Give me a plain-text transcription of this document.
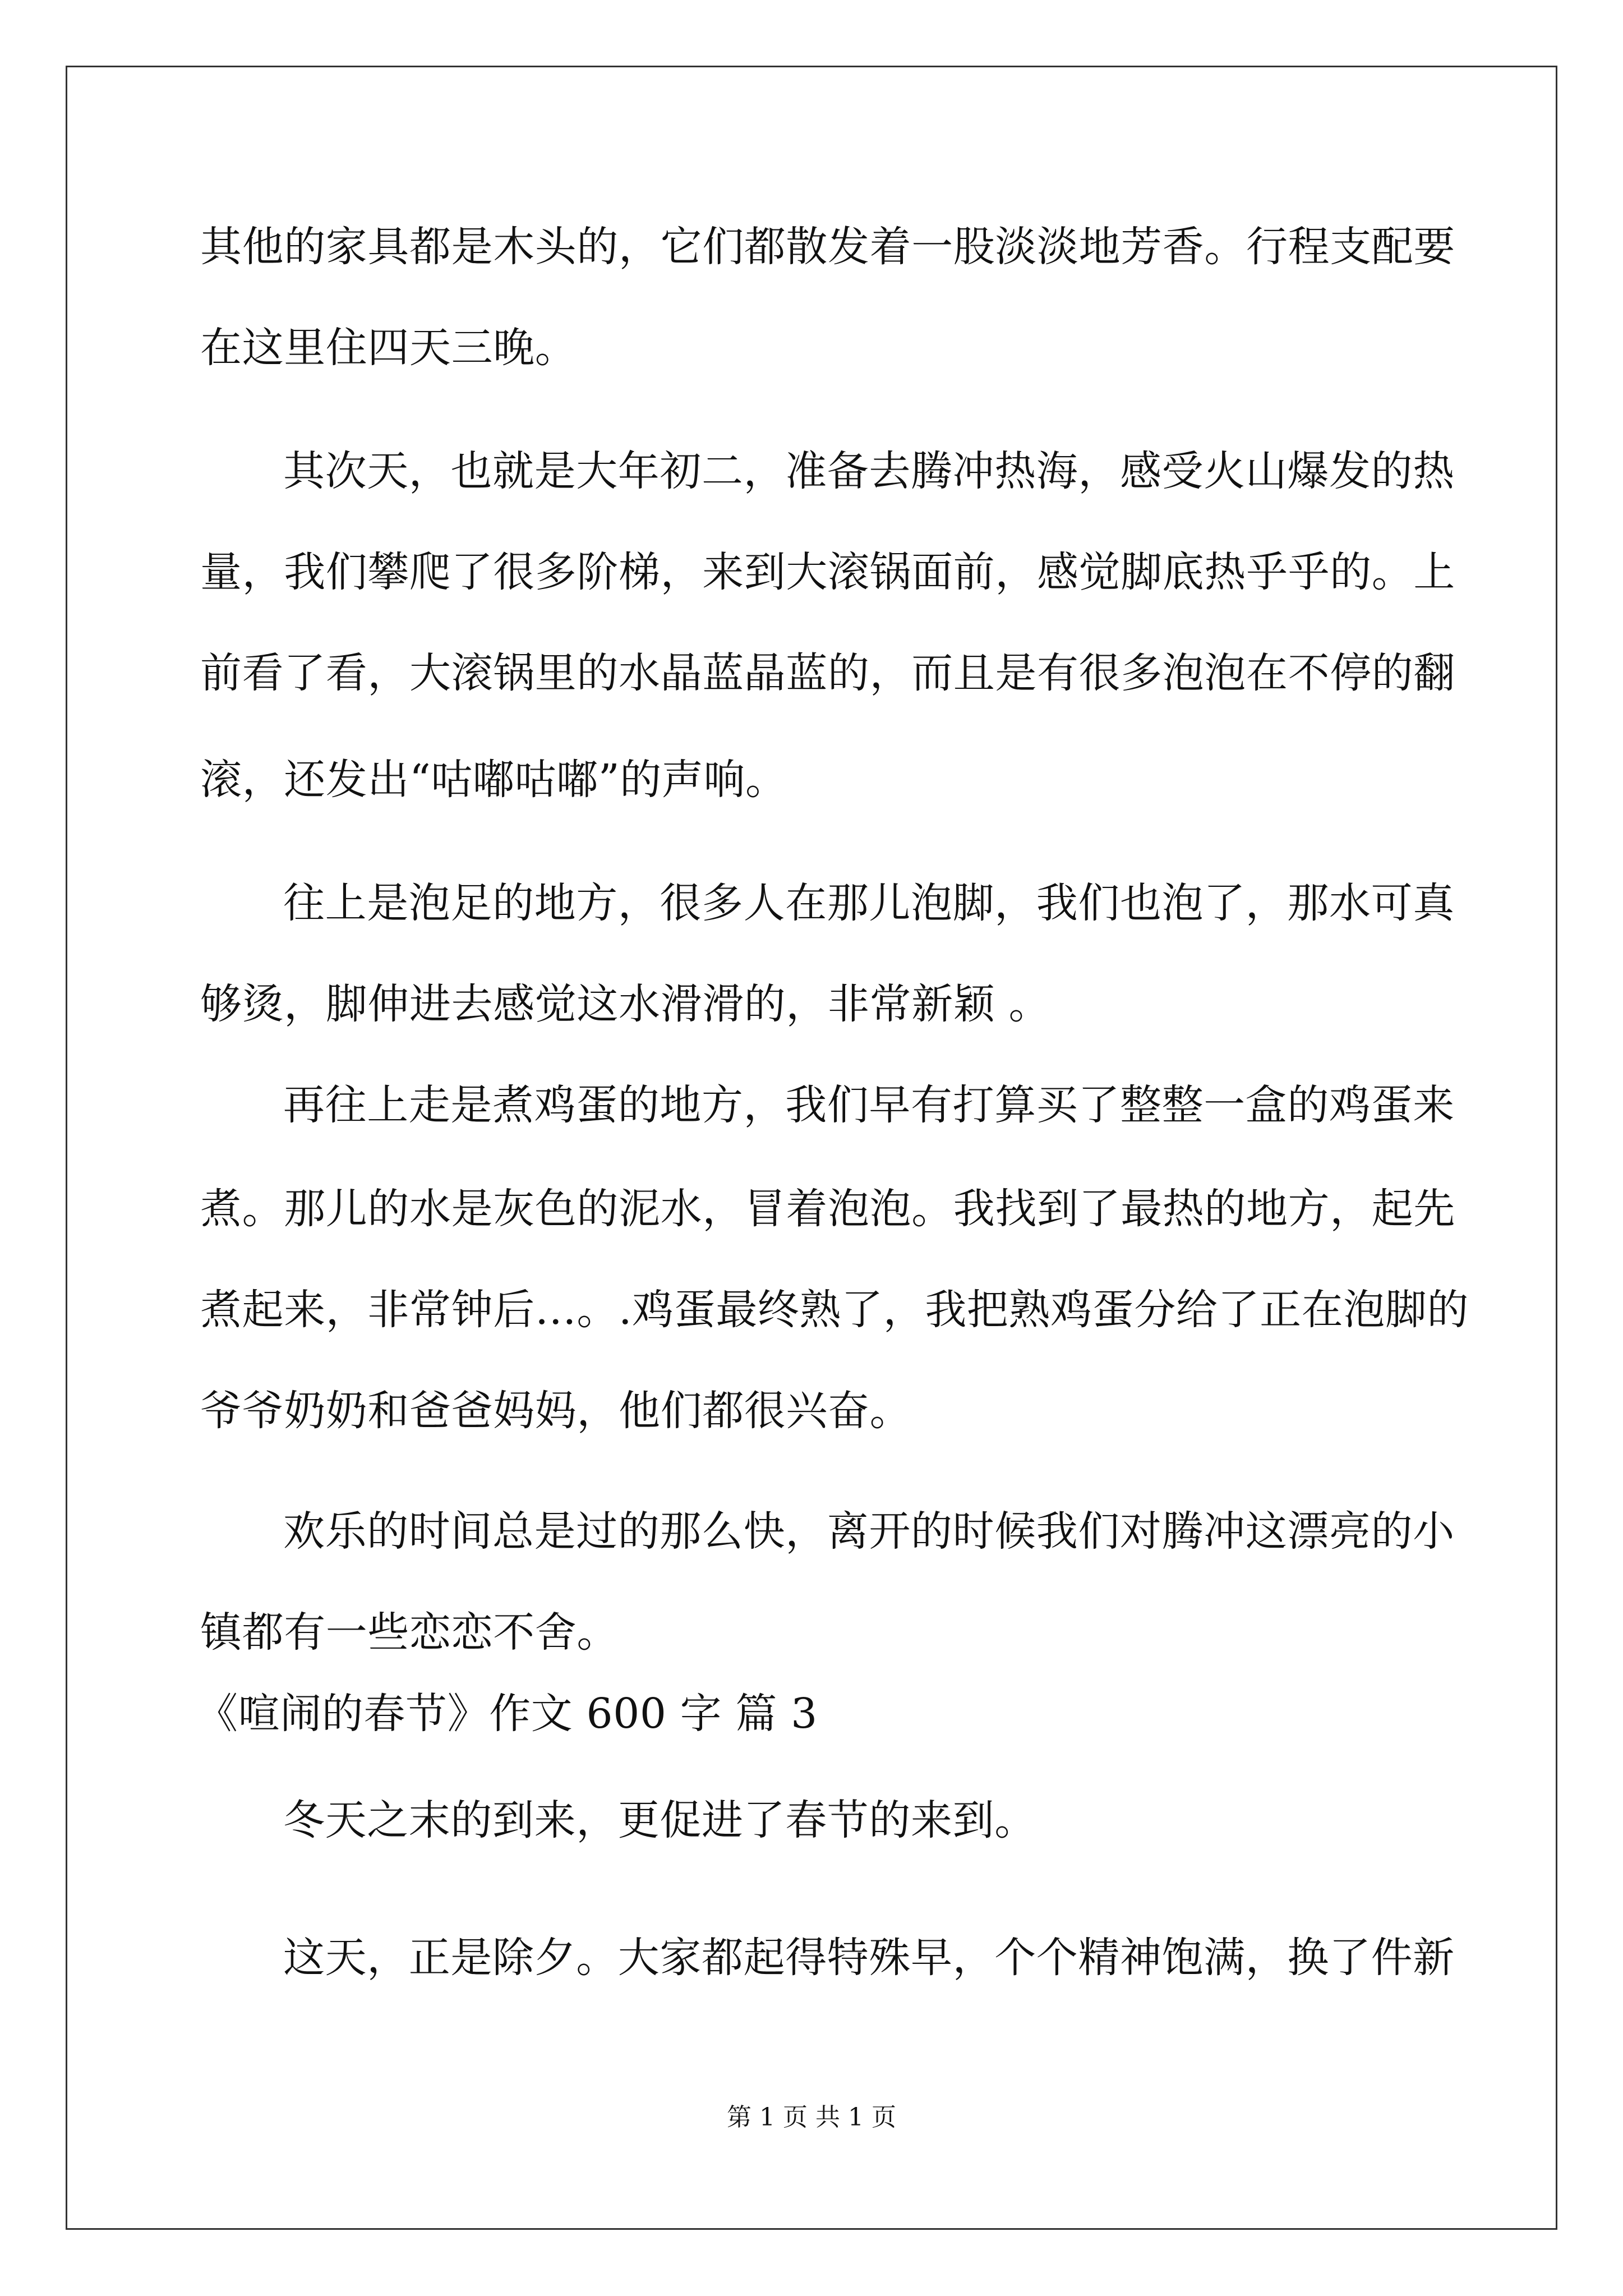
其他的家具都是木头的，它们都散发着一股淡淡地芳香。行程支配要
在这里住四天三晚。
其次天，也就是大年初二，准备去腾冲热海，感受火山爆发的热
量，我们攀爬了很多阶梯，来到大滚锅面前，感觉脚底热乎乎的。上
前看了看，大滚锅里的水晶蓝晶蓝的，而且是有很多泡泡在不停的翻
滚，还发出“咕嘟咕嘟”的声响。
往上是泡足的地方，很多人在那儿泡脚，我们也泡了，那水可真
够烫，脚伸进去感觉这水滑滑的，非常新颖 。
再往上走是煮鸡蛋的地方，我们早有打算买了整整一盒的鸡蛋来
煮。那儿的水是灰色的泥水，冒着泡泡。我找到了最热的地方，起先
煮起来，非常钟后…。.鸡蛋最终熟了，我把熟鸡蛋分给了正在泡脚的
爷爷奶奶和爸爸妈妈，他们都很兴奋。
欢乐的时间总是过的那么快，离开的时候我们对腾冲这漂亮的小
镇都有一些恋恋不舍。
《喧闹的春节》作文 600 字 篇 3
冬天之末的到来，更促进了春节的来到。
这天，正是除夕。大家都起得特殊早，个个精神饱满，换了件新
第 1 页 共 1 页
